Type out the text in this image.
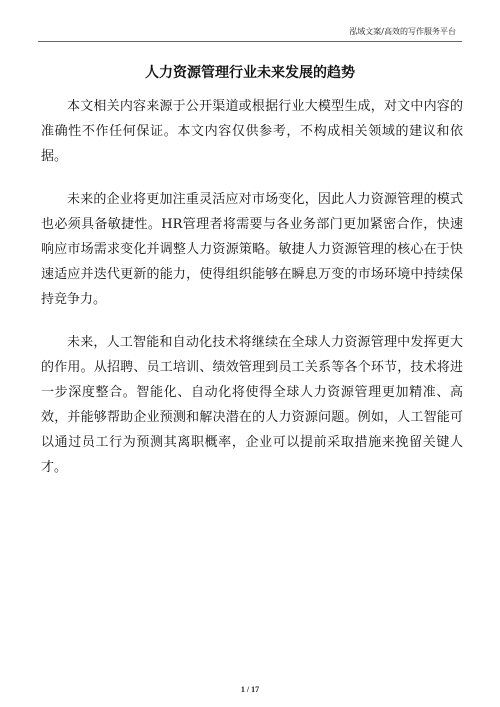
泓域文案/高效的写作服务平台
人力资源管理行业未来发展的趋势

本文相关内容来源于公开渠道或根据行业大模型生成，对文中内容的准确性不作任何保证。本文内容仅供参考，不构成相关领域的建议和依据。

未来的企业将更加注重灵活应对市场变化，因此人力资源管理的模式也必须具备敏捷性。HR管理者将需要与各业务部门更加紧密合作，快速响应市场需求变化并调整人力资源策略。敏捷人力资源管理的核心在于快速适应并迭代更新的能力，使得组织能够在瞬息万变的市场环境中持续保持竞争力。

未来，人工智能和自动化技术将继续在全球人力资源管理中发挥更大的作用。从招聘、员工培训、绩效管理到员工关系等各个环节，技术将进一步深度整合。智能化、自动化将使得全球人力资源管理更加精准、高效，并能够帮助企业预测和解决潜在的人力资源问题。例如，人工智能可以通过员工行为预测其离职概率，企业可以提前采取措施来挽留关键人才。

1 / 17
